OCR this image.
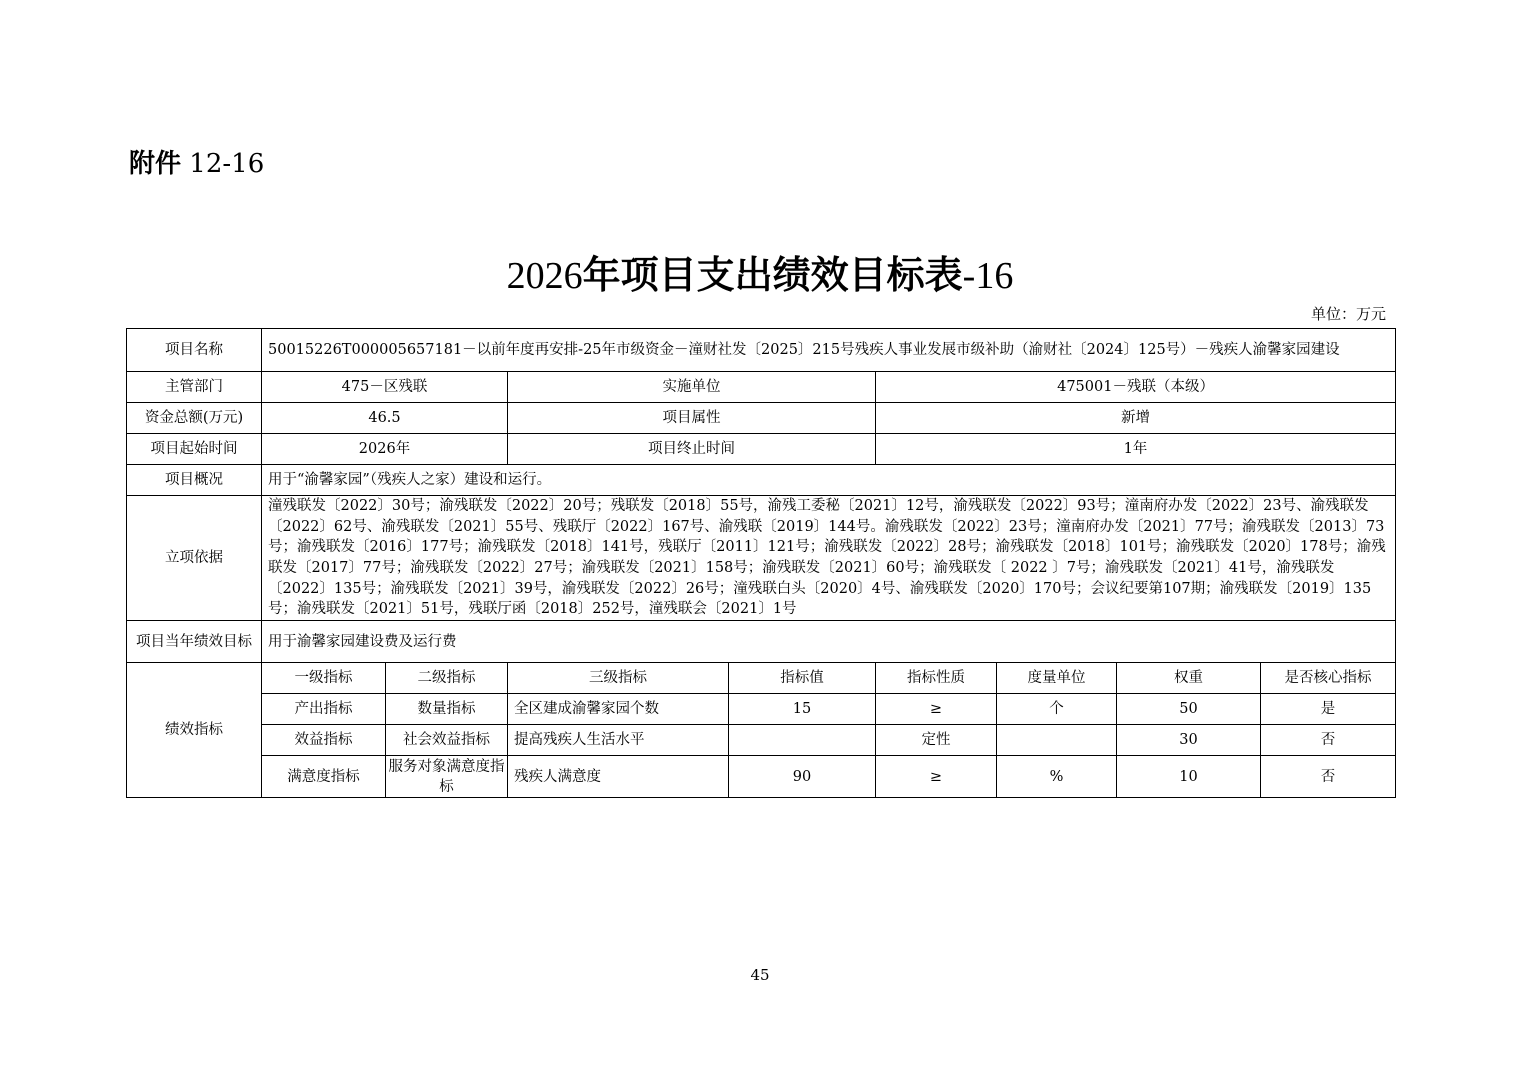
附件 12-16
2026年项目支出绩效目标表-16
单位：万元
项目名称	50015226T000005657181－以前年度再安排-25年市级资金－潼财社发〔2025〕215号残疾人事业发展市级补助（渝财社〔2024〕125号）－残疾人渝馨家园建设							
主管部门	475－区残联		实施单位		475001－残联（本级）			
资金总额(万元)	46.5		项目属性		新增			
项目起始时间	2026年		项目终止时间		1年			
项目概况	用于“渝馨家园”（残疾人之家）建设和运行。							
立项依据	潼残联发〔2022〕30号；渝残联发〔2022〕20号；残联发〔2018〕55号，渝残工委秘〔2021〕12号，渝残联发〔2022〕93号；潼南府办发〔2022〕23号、渝残联发〔2022〕62号、渝残联发〔2021〕55号、残联厅〔2022〕167号、渝残联〔2019〕144号。渝残联发〔2022〕23号；潼南府办发〔2021〕77号；渝残联发〔2013〕73号；渝残联发〔2016〕177号；渝残联发〔2018〕141号，残联厅〔2011〕121号；渝残联发〔2022〕28号；渝残联发〔2018〕101号；渝残联发〔2020〕178号；渝残联发〔2017〕77号；渝残联发〔2022〕27号；渝残联发〔2021〕158号；渝残联发〔2021〕60号；渝残联发〔 2022 〕7号；渝残联发〔2021〕41号，渝残联发〔2022〕135号；渝残联发〔2021〕39号，渝残联发〔2022〕26号；潼残联白头〔2020〕4号、渝残联发〔2020〕170号；会议纪要第107期；渝残联发〔2019〕135号；渝残联发〔2021〕51号，残联厅函〔2018〕252号，潼残联会〔2021〕1号							
项目当年绩效目标	用于渝馨家园建设费及运行费							
绩效指标	一级指标	二级指标	三级指标	指标值	指标性质	度量单位	权重	是否核心指标
	产出指标	数量指标	全区建成渝馨家园个数	15	≥	个	50	是
	效益指标	社会效益指标	提高残疾人生活水平		定性		30	否
	满意度指标	服务对象满意度指标	残疾人满意度	90	≥	%	10	否
45
